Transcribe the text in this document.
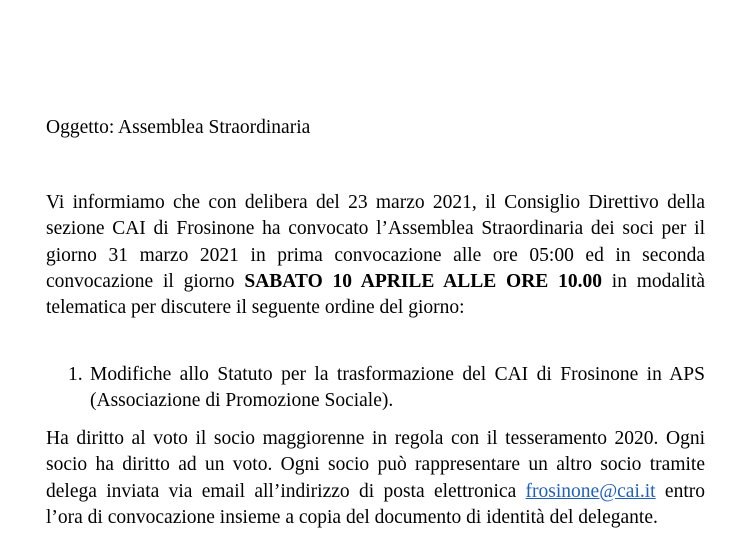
Oggetto: Assemblea Straordinaria

Vi informiamo che con delibera del 23 marzo 2021, il Consiglio Direttivo della sezione CAI di Frosinone ha convocato l’Assemblea Straordinaria dei soci per il giorno 31 marzo 2021 in prima convocazione alle ore 05:00 ed in seconda convocazione il giorno SABATO 10 APRILE ALLE ORE 10.00 in modalità telematica per discutere il seguente ordine del giorno:

1. Modifiche allo Statuto per la trasformazione del CAI di Frosinone in APS (Associazione di Promozione Sociale).

Ha diritto al voto il socio maggiorenne in regola con il tesseramento 2020. Ogni socio ha diritto ad un voto. Ogni socio può rappresentare un altro socio tramite delega inviata via email all’indirizzo di posta elettronica frosinone@cai.it entro l’ora di convocazione insieme a copia del documento di identità del delegante.
